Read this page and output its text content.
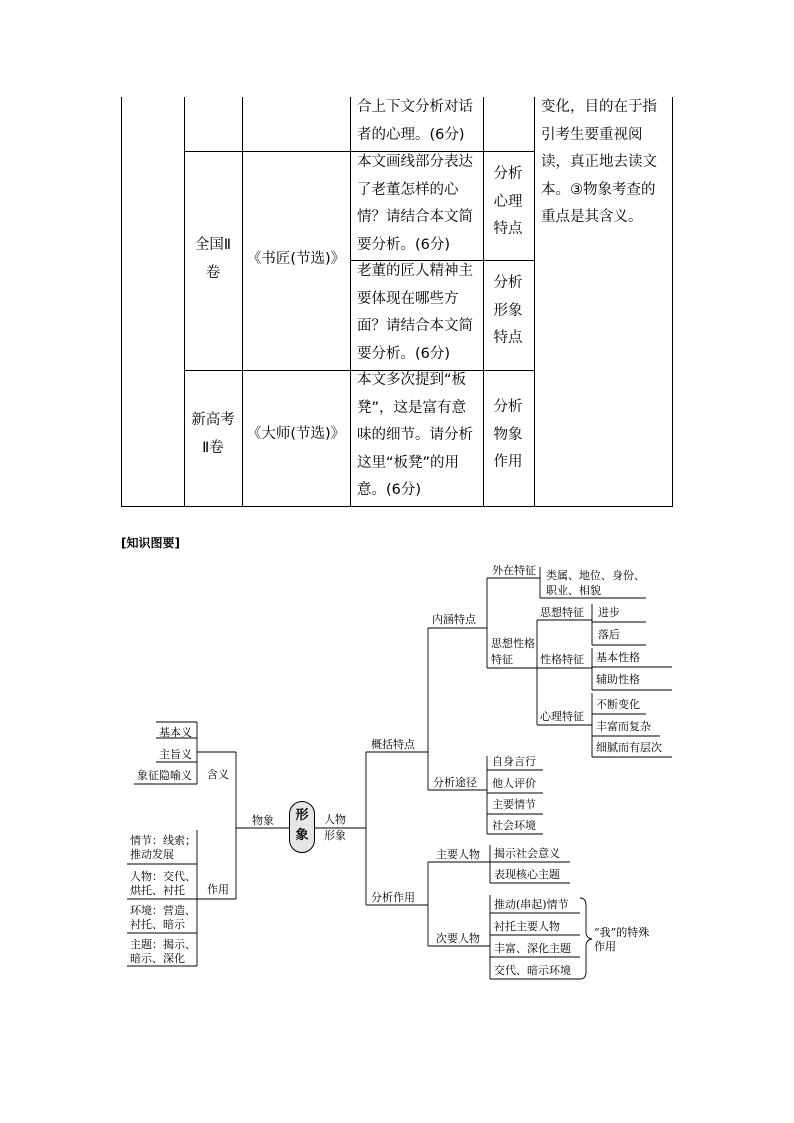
合上下文分析对话者的心理。(6分)
变化，目的在于指引考生要重视阅读，真正地去读文本。③物象考查的重点是其含义。
全国Ⅱ卷
《书匠(节选)》
本文画线部分表达了老董怎样的心情？请结合本文简要分析。(6分)
分析心理特点
老董的匠人精神主要体现在哪些方面？请结合本文简要分析。(6分)
分析形象特点
新高考Ⅱ卷
《大师(节选)》
本文多次提到“板凳”，这是富有意味的细节。请分析这里“板凳”的用意。(6分)
分析物象作用
[知识图要]
形象
物象	人物形象
含义
基本义
主旨义
象征隐喻义
作用
情节：线索；推动发展
人物：交代、烘托、衬托
环境：营造、衬托、暗示
主题：揭示、暗示、深化
概括特点
内涵特点
外在特征 类属、地位、身份、职业、相貌
思想性格特征
思想特征 进步
落后
性格特征 基本性格
辅助性格
心理特征
不断变化
丰富而复杂
细腻而有层次
分析途径
自身言行
他人评价
主要情节
社会环境
分析作用
主要人物 揭示社会意义
表现核心主题
次要人物
推动(串起)情节
衬托主要人物
丰富、深化主题
交代、暗示环境
“我”的特殊作用
